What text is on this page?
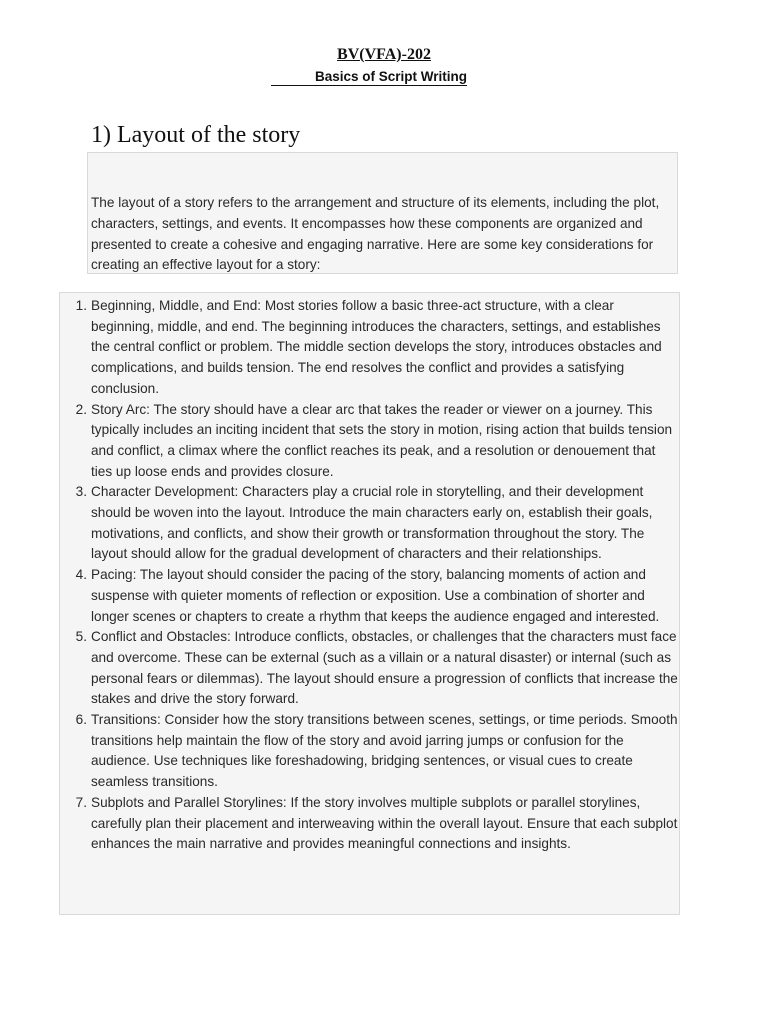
BV(VFA)-202
Basics of Script Writing
1) Layout of the story

The layout of a story refers to the arrangement and structure of its elements, including the plot, characters, settings, and events. It encompasses how these components are organized and presented to create a cohesive and engaging narrative. Here are some key considerations for creating an effective layout for a story:

1. Beginning, Middle, and End: Most stories follow a basic three-act structure, with a clear beginning, middle, and end. The beginning introduces the characters, settings, and establishes the central conflict or problem. The middle section develops the story, introduces obstacles and complications, and builds tension. The end resolves the conflict and provides a satisfying conclusion.
2. Story Arc: The story should have a clear arc that takes the reader or viewer on a journey. This typically includes an inciting incident that sets the story in motion, rising action that builds tension and conflict, a climax where the conflict reaches its peak, and a resolution or denouement that ties up loose ends and provides closure.
3. Character Development: Characters play a crucial role in storytelling, and their development should be woven into the layout. Introduce the main characters early on, establish their goals, motivations, and conflicts, and show their growth or transformation throughout the story. The layout should allow for the gradual development of characters and their relationships.
4. Pacing: The layout should consider the pacing of the story, balancing moments of action and suspense with quieter moments of reflection or exposition. Use a combination of shorter and longer scenes or chapters to create a rhythm that keeps the audience engaged and interested.
5. Conflict and Obstacles: Introduce conflicts, obstacles, or challenges that the characters must face and overcome. These can be external (such as a villain or a natural disaster) or internal (such as personal fears or dilemmas). The layout should ensure a progression of conflicts that increase the stakes and drive the story forward.
6. Transitions: Consider how the story transitions between scenes, settings, or time periods. Smooth transitions help maintain the flow of the story and avoid jarring jumps or confusion for the audience. Use techniques like foreshadowing, bridging sentences, or visual cues to create seamless transitions.
7. Subplots and Parallel Storylines: If the story involves multiple subplots or parallel storylines, carefully plan their placement and interweaving within the overall layout. Ensure that each subplot enhances the main narrative and provides meaningful connections and insights.
